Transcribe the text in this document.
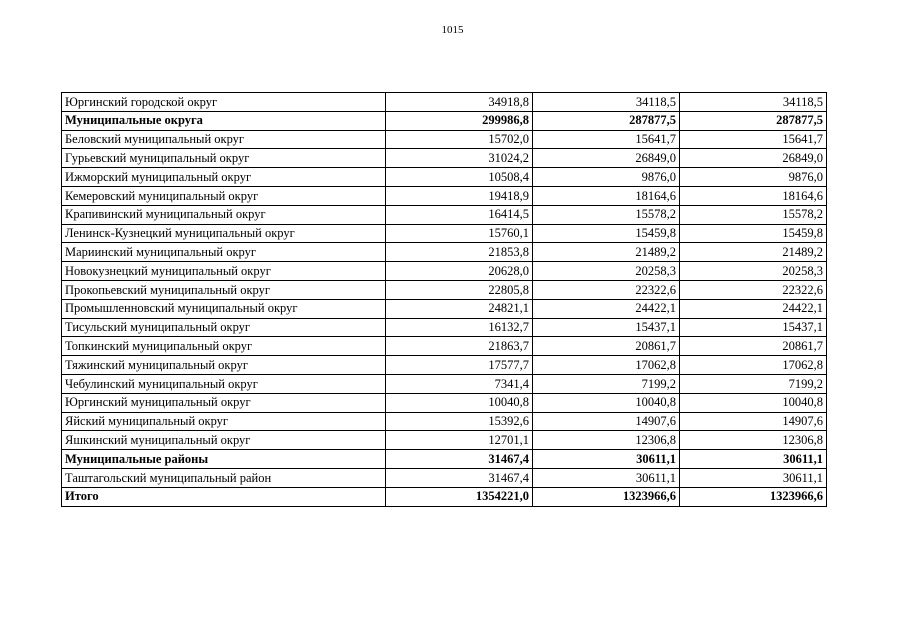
1015
Юргинский городской округ	34918,8	34118,5	34118,5
Муниципальные округа	299986,8	287877,5	287877,5
Беловский муниципальный округ	15702,0	15641,7	15641,7
Гурьевский муниципальный округ	31024,2	26849,0	26849,0
Ижморский муниципальный округ	10508,4	9876,0	9876,0
Кемеровский муниципальный округ	19418,9	18164,6	18164,6
Крапивинский муниципальный округ	16414,5	15578,2	15578,2
Ленинск-Кузнецкий муниципальный округ	15760,1	15459,8	15459,8
Мариинский муниципальный округ	21853,8	21489,2	21489,2
Новокузнецкий муниципальный округ	20628,0	20258,3	20258,3
Прокопьевский муниципальный округ	22805,8	22322,6	22322,6
Промышленновский муниципальный округ	24821,1	24422,1	24422,1
Тисульский муниципальный округ	16132,7	15437,1	15437,1
Топкинский муниципальный округ	21863,7	20861,7	20861,7
Тяжинский муниципальный округ	17577,7	17062,8	17062,8
Чебулинский муниципальный округ	7341,4	7199,2	7199,2
Юргинский муниципальный округ	10040,8	10040,8	10040,8
Яйский муниципальный округ	15392,6	14907,6	14907,6
Яшкинский муниципальный округ	12701,1	12306,8	12306,8
Муниципальные районы	31467,4	30611,1	30611,1
Таштагольский муниципальный район	31467,4	30611,1	30611,1
Итого	1354221,0	1323966,6	1323966,6
